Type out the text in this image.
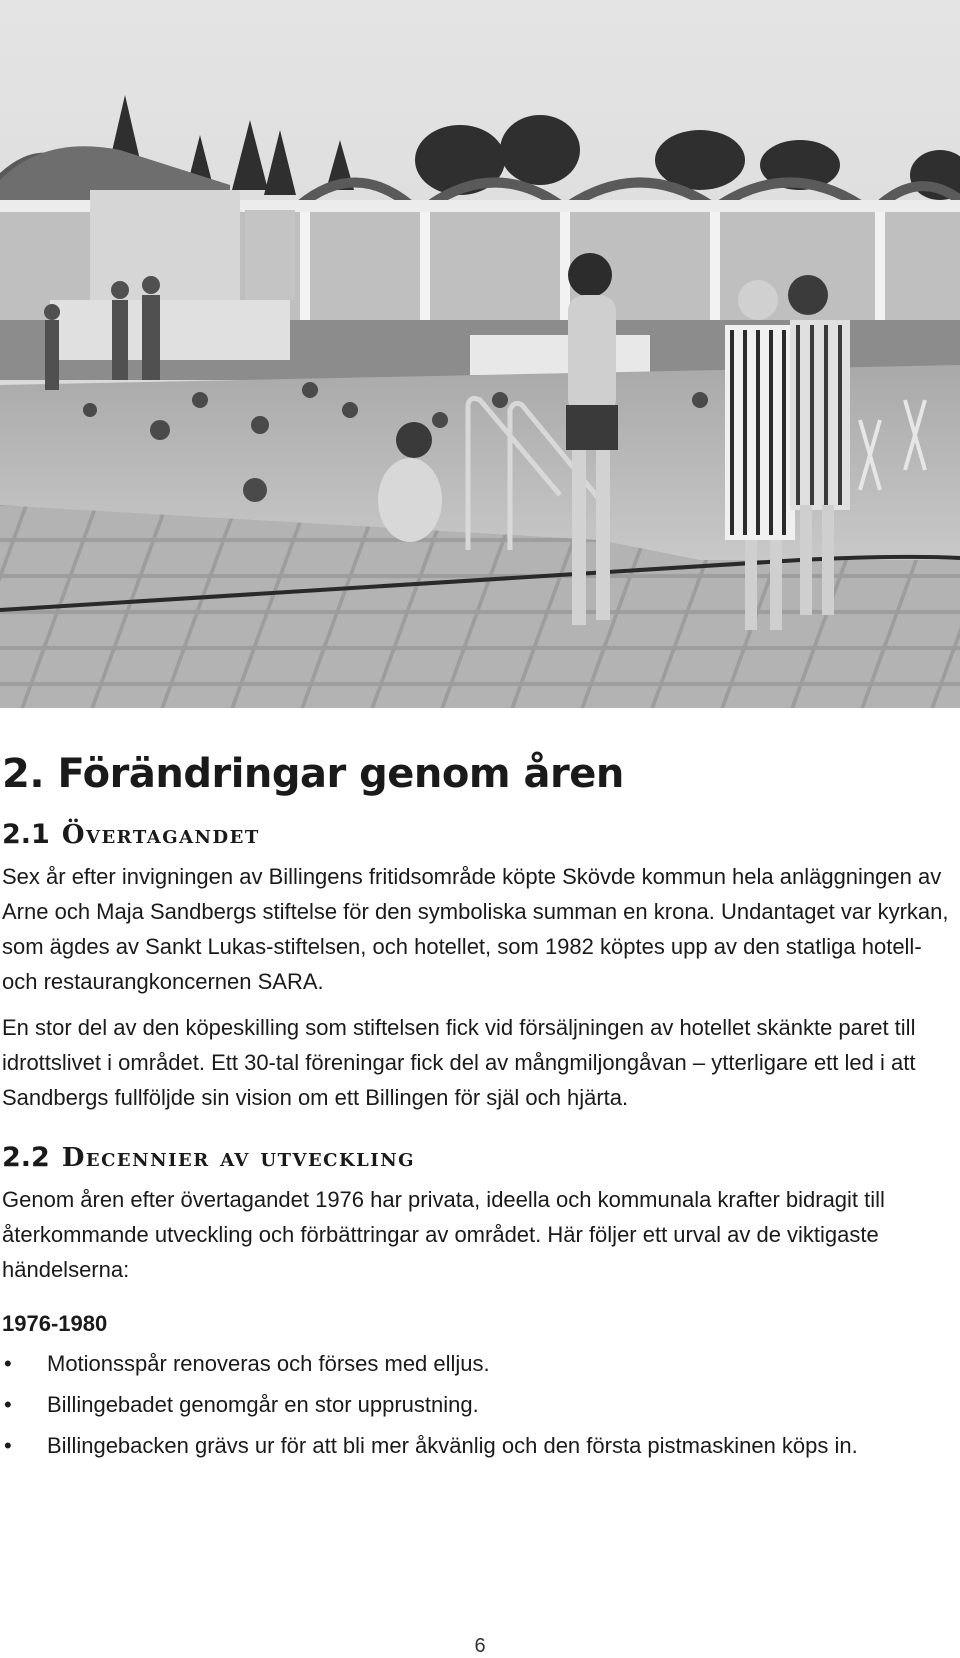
2. Förändringar genom åren
2.1 Övertagandet

Sex år efter invigningen av Billingens fritidsområde köpte Skövde kommun hela anläggningen av Arne och Maja Sandbergs stiftelse för den symboliska summan en krona. Undantaget var kyrkan, som ägdes av Sankt Lukas-stiftelsen, och hotellet, som 1982 köptes upp av den statliga hotell- och restaurangkoncernen SARA.

En stor del av den köpeskilling som stiftelsen fick vid försäljningen av hotellet skänkte paret till idrottslivet i området. Ett 30-tal föreningar fick del av mångmiljongåvan – ytterligare ett led i att Sandbergs fullföljde sin vision om ett Billingen för själ och hjärta.

2.2 Decennier av utveckling

Genom åren efter övertagandet 1976 har privata, ideella och kommunala krafter bidragit till återkommande utveckling och förbättringar av området. Här följer ett urval av de viktigaste händelserna:

1976-1980

• Motionsspår renoveras och förses med elljus.
• Billingebadet genomgår en stor upprustning.
• Billingebacken grävs ur för att bli mer åkvänlig och den första pistmaskinen köps in.
6
